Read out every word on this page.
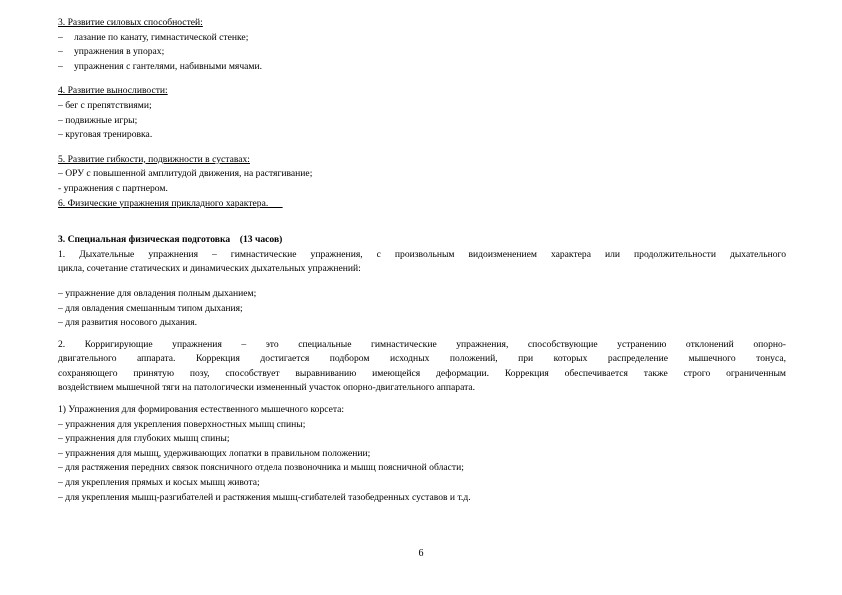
3. Развитие силовых способностей:
– лазание по канату, гимнастической стенке;
– упражнения в упорах;
– упражнения с гантелями, набивными мячами.
4. Развитие выносливости:
– бег с препятствиями;
– подвижные игры;
– круговая тренировка.
5. Развитие гибкости, подвижности в суставах:
– ОРУ с повышенной амплитудой движения, на растягивание;
- упражнения с партнером.
6. Физические упражнения прикладного характера.
3. Специальная физическая подготовка    (13 часов)
1. Дыхательные упражнения – гимнастические упражнения, с произвольным видоизменением характера или продолжительности дыхательного
цикла, сочетание статических и динамических дыхательных упражнений:
– упражнение для овладения полным дыханием;
– для овладения смешанным типом дыхания;
– для развития носового дыхания.
2.  Корригирующие  упражнения  –  это  специальные  гимнастические  упражнения,  способствующие  устранению  отклонений  опорно-
двигательного  аппарата.  Коррекция  достигается  подбором  исходных  положений,  при  которых  распределение  мышечного  тонуса,
сохраняющего принятую позу, способствует выравниванию имеющейся деформации. Коррекция обеспечивается также строго ограниченным
воздействием мышечной тяги на патологически измененный участок опорно-двигательного аппарата.
1) Упражнения для формирования естественного мышечного корсета:
– упражнения для укрепления поверхностных мышц спины;
– упражнения для глубоких мышц спины;
– упражнения для мышц, удерживающих лопатки в правильном положении;
– для растяжения передних связок поясничного отдела позвоночника и мышц поясничной области;
– для укрепления прямых и косых мышц живота;
– для укрепления мышц-разгибателей и растяжения мышц-сгибателей тазобедренных суставов и т.д.
6
